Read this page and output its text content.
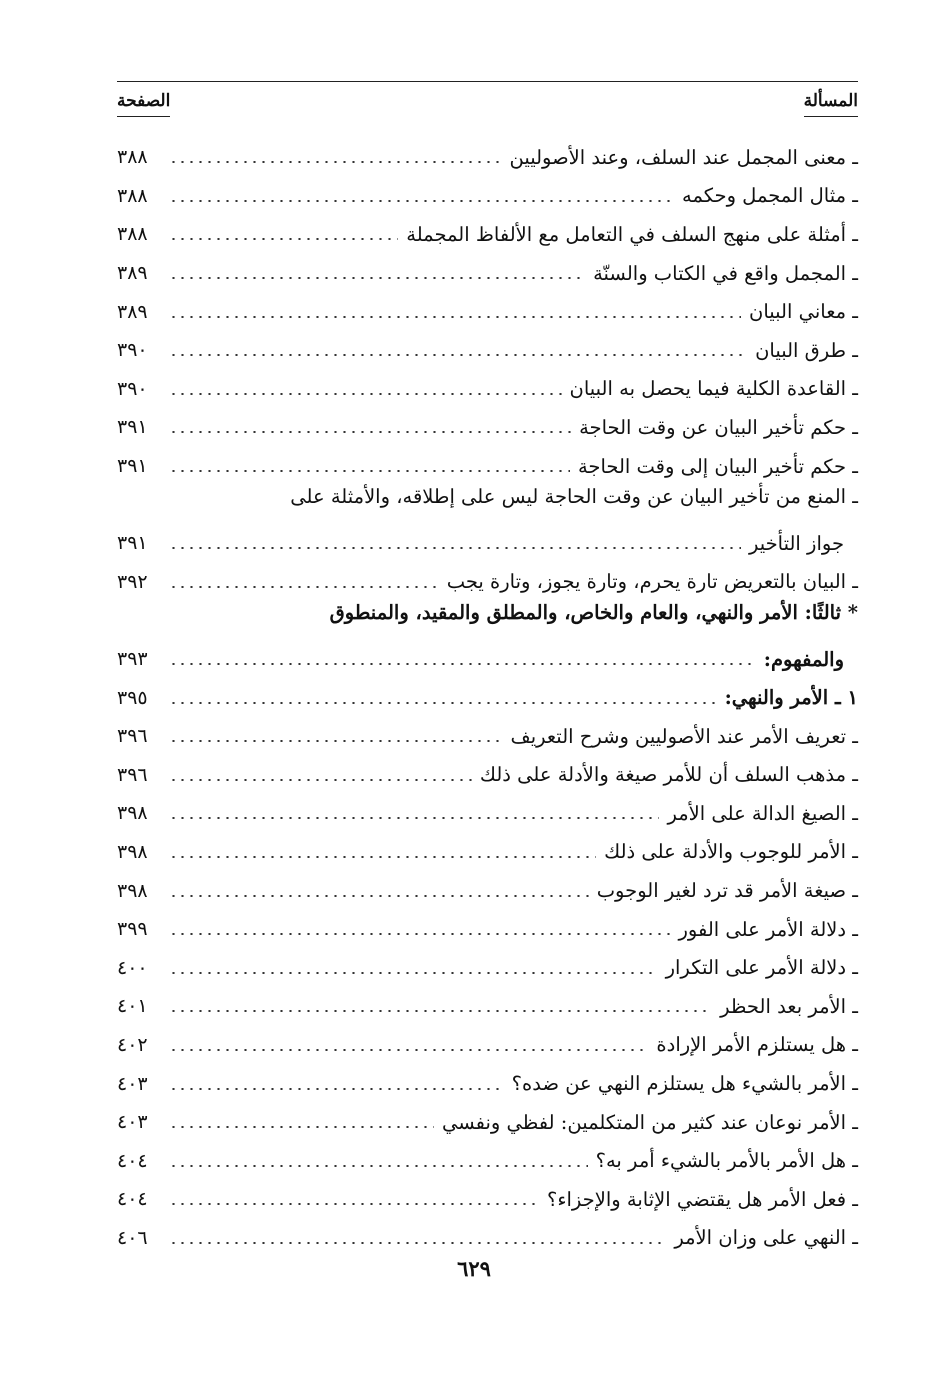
المسألة
الصفحة
ـ معنى المجمل عند السلف، وعند الأصوليين
٣٨٨
ـ مثال المجمل وحكمه
٣٨٨
ـ أمثلة على منهج السلف في التعامل مع الألفاظ المجملة
٣٨٨
ـ المجمل واقع في الكتاب والسنّة
٣٨٩
ـ معاني البيان
٣٨٩
ـ طرق البيان
٣٩٠
ـ القاعدة الكلية فيما يحصل به البيان
٣٩٠
ـ حكم تأخير البيان عن وقت الحاجة
٣٩١
ـ حكم تأخير البيان إلى وقت الحاجة
٣٩١
ـ المنع من تأخير البيان عن وقت الحاجة ليس على إطلاقه، والأمثلة على
جواز التأخير
٣٩١
ـ البيان بالتعريض تارة يحرم، وتارة يجوز، وتارة يجب
٣٩٢
* ثالثًا: الأمر والنهي، والعام والخاص، والمطلق والمقيد، والمنطوق
والمفهوم:
٣٩٣
١ ـ الأمر والنهي:
٣٩٥
ـ تعريف الأمر عند الأصوليين وشرح التعريف
٣٩٦
ـ مذهب السلف أن للأمر صيغة والأدلة على ذلك
٣٩٦
ـ الصيغ الدالة على الأمر
٣٩٨
ـ الأمر للوجوب والأدلة على ذلك
٣٩٨
ـ صيغة الأمر قد ترد لغير الوجوب
٣٩٨
ـ دلالة الأمر على الفور
٣٩٩
ـ دلالة الأمر على التكرار
٤٠٠
ـ الأمر بعد الحظر
٤٠١
ـ هل يستلزم الأمر الإرادة
٤٠٢
ـ الأمر بالشيء هل يستلزم النهي عن ضده؟
٤٠٣
ـ الأمر نوعان عند كثير من المتكلمين: لفظي ونفسي
٤٠٣
ـ هل الأمر بالأمر بالشيء أمر به؟
٤٠٤
ـ فعل الأمر هل يقتضي الإثابة والإجزاء؟
٤٠٤
ـ النهي على وزان الأمر
٤٠٦
٦٢٩
